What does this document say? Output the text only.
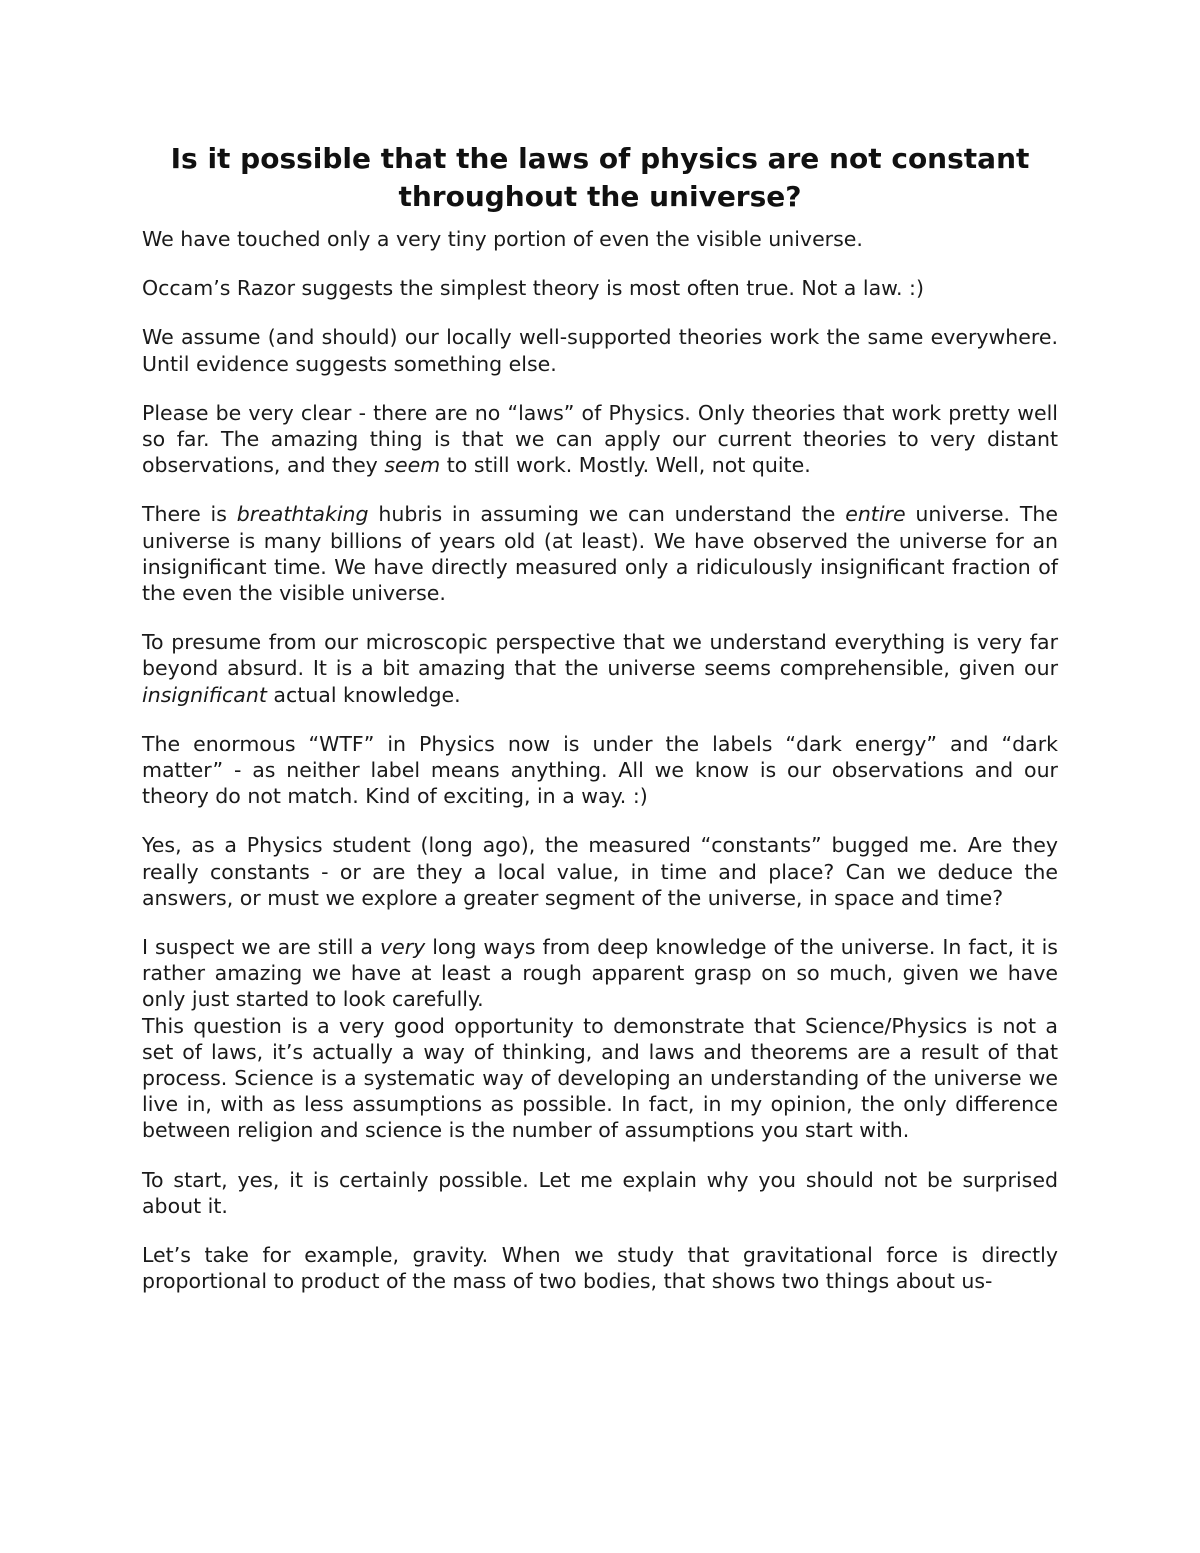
Is it possible that the laws of physics are not constant throughout the universe?

We have touched only a very tiny portion of even the visible universe.

Occam’s Razor suggests the simplest theory is most often true. Not a law. :)

We assume (and should) our locally well-supported theories work the same everywhere. Until evidence suggests something else.

Please be very clear - there are no “laws” of Physics. Only theories that work pretty well so far. The amazing thing is that we can apply our current theories to very distant observations, and they seem to still work. Mostly. Well, not quite.

There is breathtaking hubris in assuming we can understand the entire universe. The universe is many billions of years old (at least). We have observed the universe for an insignificant time. We have directly measured only a ridiculously insignificant fraction of the even the visible universe.

To presume from our microscopic perspective that we understand everything is very far beyond absurd. It is a bit amazing that the universe seems comprehensible, given our insignificant actual knowledge.

The enormous “WTF” in Physics now is under the labels “dark energy” and “dark matter” - as neither label means anything. All we know is our observations and our theory do not match. Kind of exciting, in a way. :)

Yes, as a Physics student (long ago), the measured “constants” bugged me. Are they really constants - or are they a local value, in time and place? Can we deduce the answers, or must we explore a greater segment of the universe, in space and time?

I suspect we are still a very long ways from deep knowledge of the universe. In fact, it is rather amazing we have at least a rough apparent grasp on so much, given we have only just started to look carefully.

This question is a very good opportunity to demonstrate that Science/Physics is not a set of laws, it’s actually a way of thinking, and laws and theorems are a result of that process. Science is a systematic way of developing an understanding of the universe we live in, with as less assumptions as possible. In fact, in my opinion, the only difference between religion and science is the number of assumptions you start with.

To start, yes, it is certainly possible. Let me explain why you should not be surprised about it.

Let’s take for example, gravity. When we study that gravitational force is directly proportional to product of the mass of two bodies, that shows two things about us-
